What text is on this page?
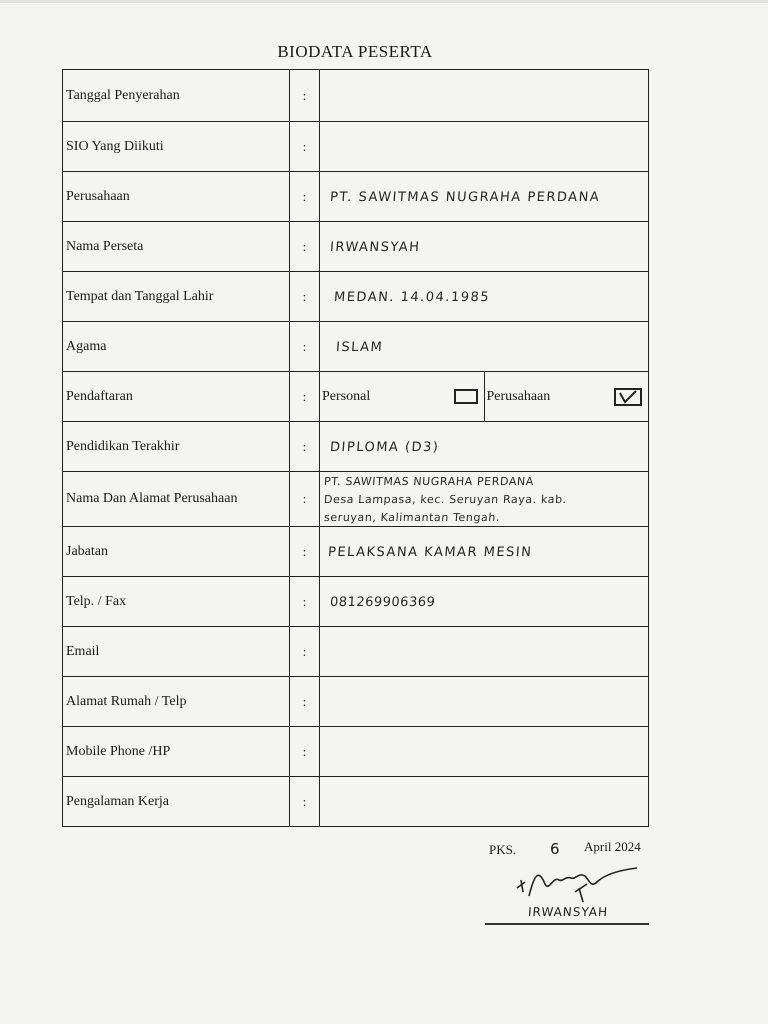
BIODATA PESERTA
Tanggal Penyerahan	:	
SIO Yang Diikuti	:	
Perusahaan	:	PT. SAWITMAS NUGRAHA PERDANA
Nama Perseta	:	IRWANSYAH
Tempat dan Tanggal Lahir	:	MEDAN. 14.04.1985
Agama	:	ISLAM
Pendaftaran	:	Personal Perusahaan

Pendidikan Terakhir	:	DIPLOMA (D3)
Nama Dan Alamat Perusahaan	:	PT. SAWITMAS NUGRAHA PERDANA
Desa Lampasa, kec. Seruyan Raya. kab.
seruyan, Kalimantan Tengah.
Jabatan	:	PELAKSANA KAMAR MESIN
Telp. / Fax	:	081269906369
Email	:	
Alamat Rumah / Telp	:	
Mobile Phone /HP	:	
Pengalaman Kerja	:	
PKS. 6 April 2024
IRWANSYAH
